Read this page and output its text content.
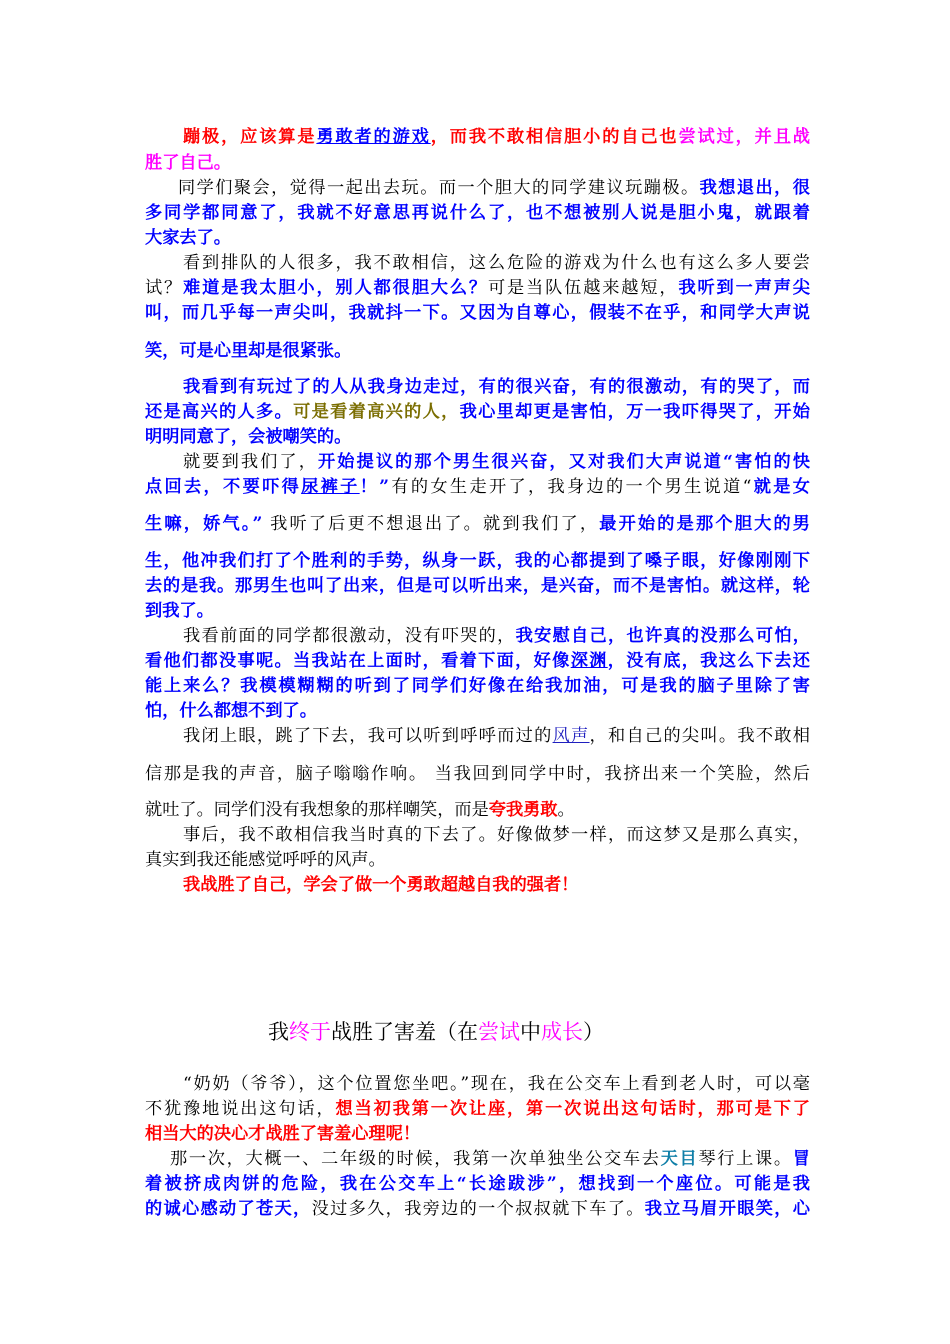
蹦极，应该算是勇敢者的游戏，而我不敢相信胆小的自己也尝试过，并且战
胜了自己。
同学们聚会，觉得一起出去玩。而一个胆大的同学建议玩蹦极。我想退出，很
多同学都同意了，我就不好意思再说什么了，也不想被别人说是胆小鬼，就跟着
大家去了。
看到排队的人很多，我不敢相信，这么危险的游戏为什么也有这么多人要尝
试？难道是我太胆小，别人都很胆大么？可是当队伍越来越短，我听到一声声尖
叫，而几乎每一声尖叫，我就抖一下。又因为自尊心，假装不在乎，和同学大声说
笑，可是心里却是很紧张。
我看到有玩过了的人从我身边走过，有的很兴奋，有的很激动，有的哭了，而
还是高兴的人多。可是看着高兴的人，我心里却更是害怕，万一我吓得哭了，开始
明明同意了，会被嘲笑的。
就要到我们了，开始提议的那个男生很兴奋，又对我们大声说道“害怕的快
点回去，不要吓得尿裤子！”有的女生走开了，我身边的一个男生说道“就是女
生嘛，娇气。” 我听了后更不想退出了。就到我们了，最开始的是那个胆大的男
生，他冲我们打了个胜利的手势，纵身一跃，我的心都提到了嗓子眼，好像刚刚下
去的是我。那男生也叫了出来，但是可以听出来，是兴奋，而不是害怕。就这样，轮
到我了。
我看前面的同学都很激动，没有吓哭的，我安慰自己，也许真的没那么可怕，
看他们都没事呢。当我站在上面时，看着下面，好像深渊，没有底，我这么下去还
能上来么？我模模糊糊的听到了同学们好像在给我加油，可是我的脑子里除了害
怕，什么都想不到了。
我闭上眼，跳了下去，我可以听到呼呼而过的风声，和自己的尖叫。我不敢相
信那是我的声音，脑子嗡嗡作响。 当我回到同学中时，我挤出来一个笑脸，然后
就吐了。同学们没有我想象的那样嘲笑，而是夸我勇敢。
事后，我不敢相信我当时真的下去了。好像做梦一样，而这梦又是那么真实，
真实到我还能感觉呼呼的风声。
我战胜了自己，学会了做一个勇敢超越自我的强者！
我终于战胜了害羞（在尝试中成长）
“奶奶（爷爷），这个位置您坐吧。”现在，我在公交车上看到老人时，可以毫
不犹豫地说出这句话，想当初我第一次让座，第一次说出这句话时，那可是下了
相当大的决心才战胜了害羞心理呢！
那一次，大概一、二年级的时候，我第一次单独坐公交车去天目琴行上课。冒
着被挤成肉饼的危险，我在公交车上“长途跋涉”，想找到一个座位。可能是我
的诚心感动了苍天，没过多久，我旁边的一个叔叔就下车了。我立马眉开眼笑，心
